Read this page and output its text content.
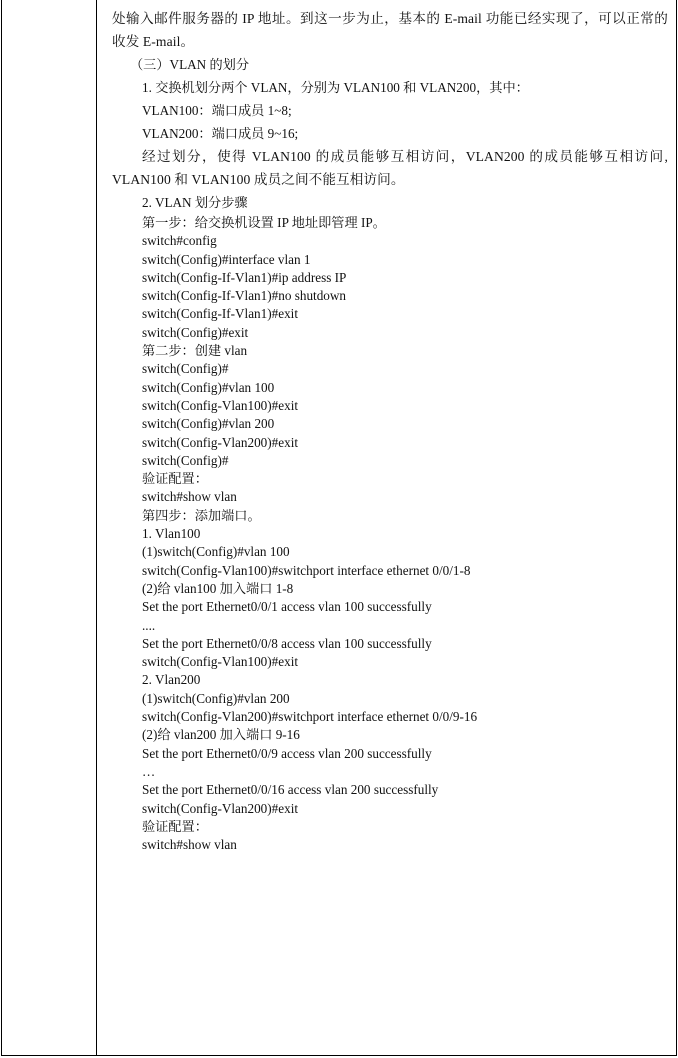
处输入邮件服务器的 IP 地址。到这一步为止，基本的 E-mail 功能已经实现了，可以正常的收发 E-mail。

（三）VLAN 的划分

1. 交换机划分两个 VLAN，分别为 VLAN100 和 VLAN200，其中：

VLAN100：端口成员 1~8;

VLAN200：端口成员 9~16;

经过划分，使得 VLAN100 的成员能够互相访问，VLAN200 的成员能够互相访问, VLAN100 和 VLAN100 成员之间不能互相访问。

2. VLAN 划分步骤

第一步：给交换机设置 IP 地址即管理 IP。

switch#config

switch(Config)#interface vlan 1

switch(Config-If-Vlan1)#ip address IP

switch(Config-If-Vlan1)#no shutdown

switch(Config-If-Vlan1)#exit

switch(Config)#exit

第二步：创建 vlan

switch(Config)#

switch(Config)#vlan 100

switch(Config-Vlan100)#exit

switch(Config)#vlan 200

switch(Config-Vlan200)#exit

switch(Config)#

验证配置：

switch#show vlan

第四步：添加端口。

1. Vlan100

(1)switch(Config)#vlan 100

switch(Config-Vlan100)#switchport interface ethernet 0/0/1-8

(2)给 vlan100 加入端口 1-8

Set the port Ethernet0/0/1 access vlan 100 successfully

....

Set the port Ethernet0/0/8 access vlan 100 successfully

switch(Config-Vlan100)#exit

2. Vlan200

(1)switch(Config)#vlan 200

switch(Config-Vlan200)#switchport interface ethernet 0/0/9-16

(2)给 vlan200 加入端口 9-16

Set the port Ethernet0/0/9 access vlan 200 successfully

…

Set the port Ethernet0/0/16 access vlan 200 successfully

switch(Config-Vlan200)#exit

验证配置：

switch#show vlan
